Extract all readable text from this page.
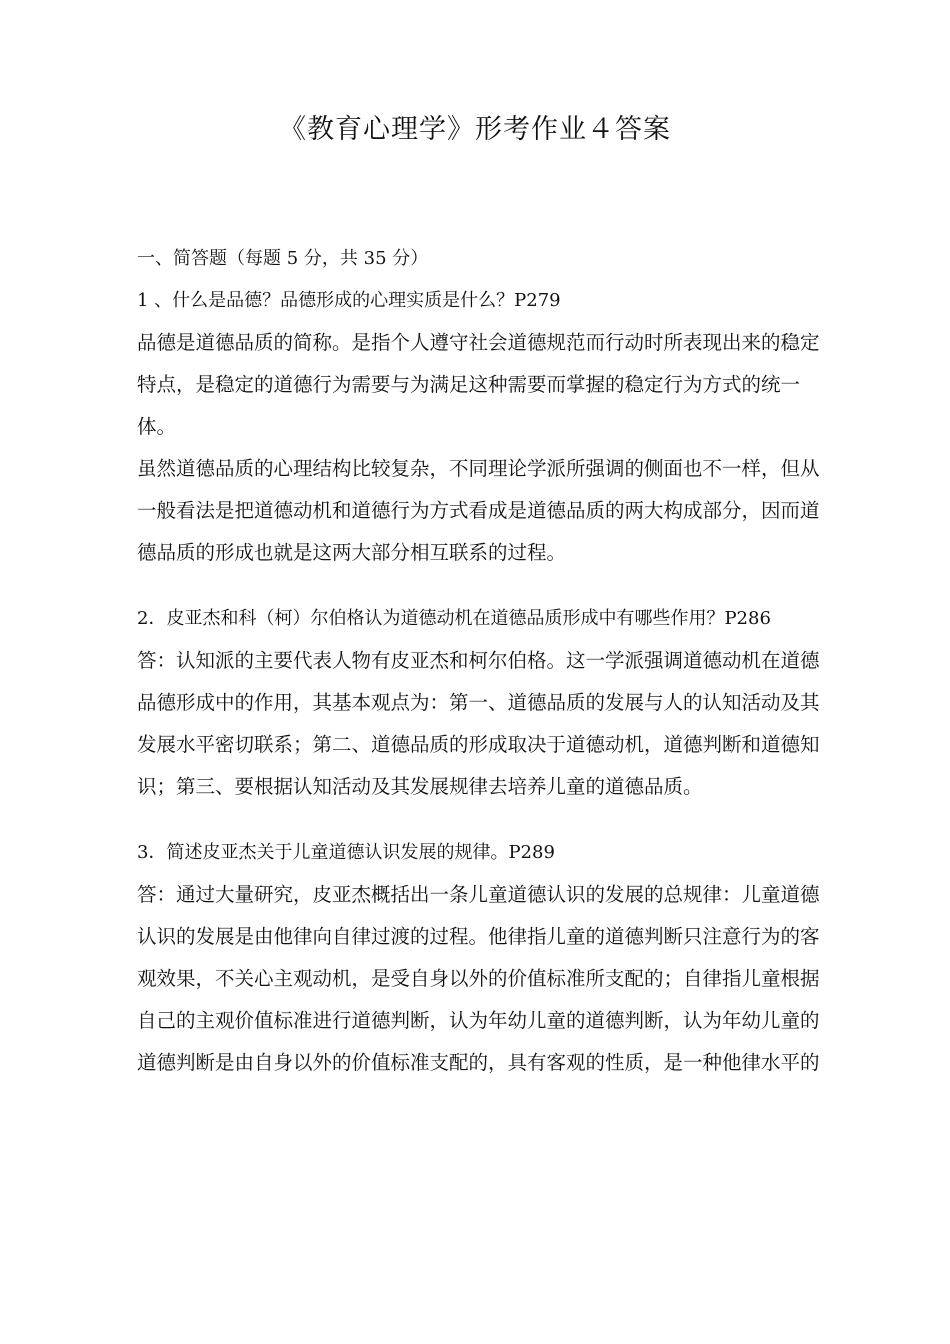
《教育心理学》形考作业４答案
一、简答题（每题 5 分，共 35 分）
1 、什么是品德？品德形成的心理实质是什么？P279
品德是道德品质的简称。是指个人遵守社会道德规范而行动时所表现出来的稳定
特点，是稳定的道德行为需要与为满足这种需要而掌握的稳定行为方式的统一
体。
虽然道德品质的心理结构比较复杂，不同理论学派所强调的侧面也不一样，但从
一般看法是把道德动机和道德行为方式看成是道德品质的两大构成部分，因而道
德品质的形成也就是这两大部分相互联系的过程。
2．皮亚杰和科（柯）尔伯格认为道德动机在道德品质形成中有哪些作用？P286
答：认知派的主要代表人物有皮亚杰和柯尔伯格。这一学派强调道德动机在道德
品德形成中的作用，其基本观点为：第一、道德品质的发展与人的认知活动及其
发展水平密切联系；第二、道德品质的形成取决于道德动机，道德判断和道德知
识；第三、要根据认知活动及其发展规律去培养儿童的道德品质。
3．简述皮亚杰关于儿童道德认识发展的规律。P289
答：通过大量研究，皮亚杰概括出一条儿童道德认识的发展的总规律：儿童道德
认识的发展是由他律向自律过渡的过程。他律指儿童的道德判断只注意行为的客
观效果，不关心主观动机，是受自身以外的价值标准所支配的；自律指儿童根据
自己的主观价值标准进行道德判断，认为年幼儿童的道德判断，认为年幼儿童的
道德判断是由自身以外的价值标准支配的，具有客观的性质，是一种他律水平的
